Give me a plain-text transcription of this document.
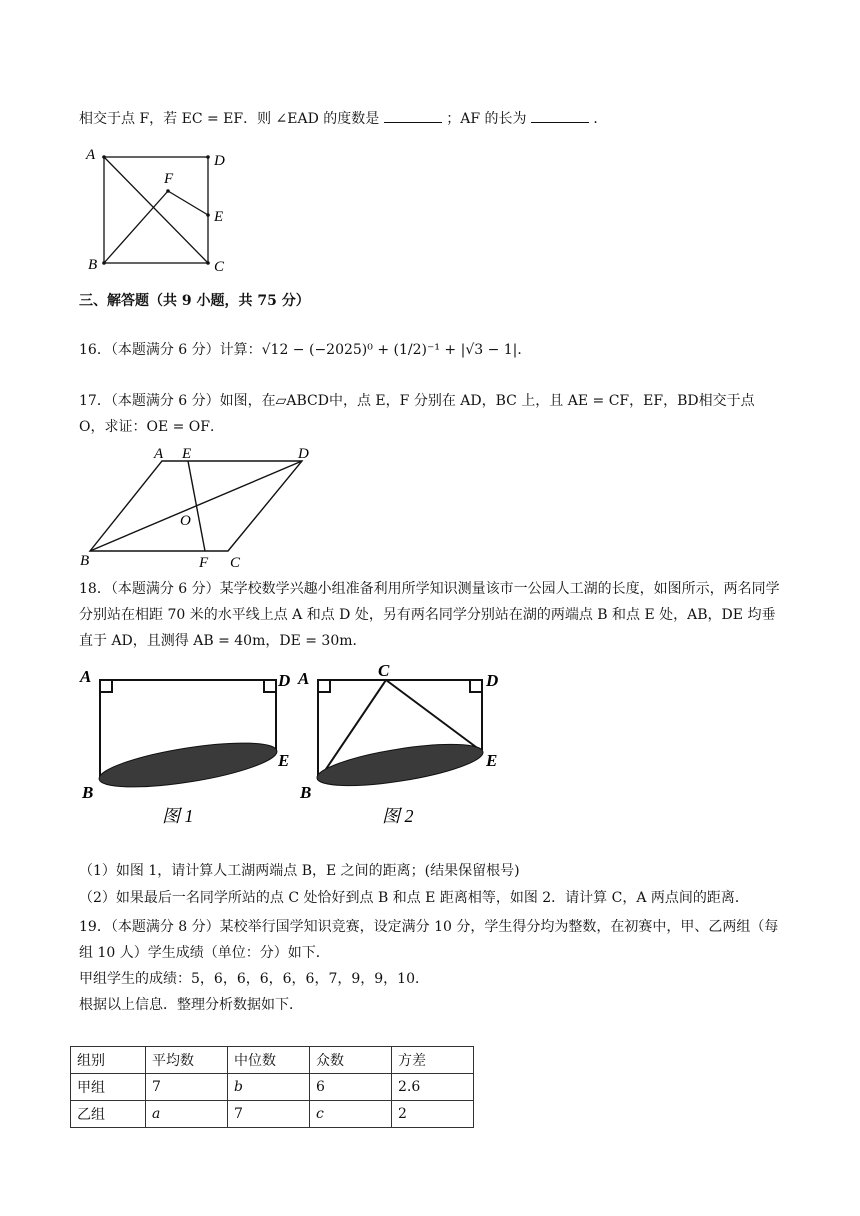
相交于点 F，若 EC = EF．则 ∠EAD 的度数是	；AF 的长为	．
A	D
F
E
B	C
三、解答题（共 9 小题，共 75 分）
16．（本题满分 6 分）计算：√12 − (−2025)⁰ + (1/2)⁻¹ + |√3 − 1|．
17．（本题满分 6 分）如图，在▱ABCD中，点 E，F 分别在 AD，BC 上，且 AE = CF，EF，BD相交于点 O，求证：OE = OF．
A E	D
O
B	F C
18．（本题满分 6 分）某学校数学兴趣小组准备利用所学知识测量该市一公园人工湖的长度，如图所示，两名同学分别站在相距 70 米的水平线上点 A 和点 D 处，另有两名同学分别站在湖的两端点 B 和点 E 处，AB，DE 均垂直于 AD，且测得 AB = 40m，DE = 30m．
A	D
E
B
图 1
A	C
D
E
B
图 2
（1）如图 1，请计算人工湖两端点 B，E 之间的距离；(结果保留根号)
（2）如果最后一名同学所站的点 C 处恰好到点 B 和点 E 距离相等，如图 2．请计算 C，A 两点间的距离．
19．（本题满分 8 分）某校举行国学知识竞赛，设定满分 10 分，学生得分均为整数，在初赛中，甲、乙两组（每组 10 人）学生成绩（单位：分）如下．
甲组学生的成绩：5，6，6，6，6，6，7，9，9，10．
根据以上信息．整理分析数据如下．
组别	平均数	中位数	众数	方差
甲组	7	b	6	2.6
乙组	a	7	c	2
